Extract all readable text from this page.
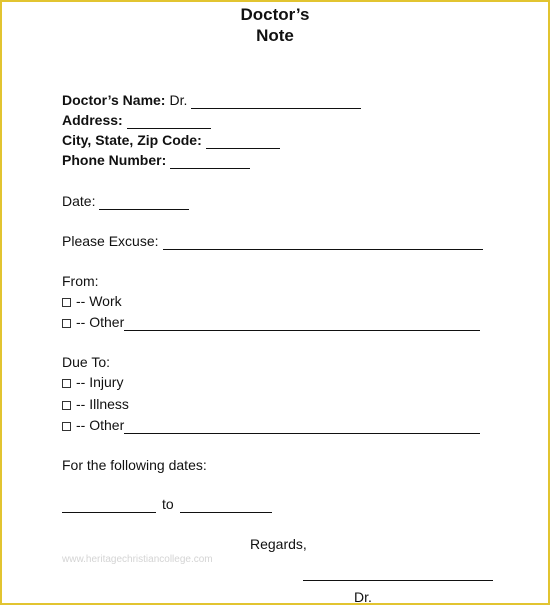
Doctor’s
Note
Doctor’s Name: Dr.
Address:
City, State, Zip Code:
Phone Number:
Date:
Please Excuse:
From:
-- Work
-- Other
Due To:
-- Injury
-- Illness
-- Other
For the following dates:
to
Regards,
www.heritagechristiancollege.com
Dr.
